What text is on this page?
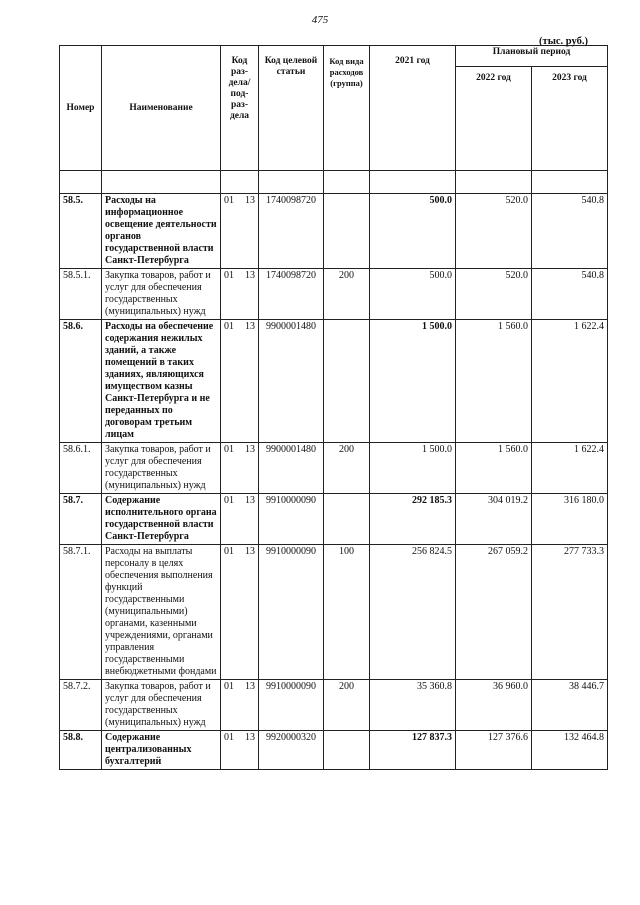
475
(тыс. руб.)
Номер	Наименование	Код раз- дела/ под- раз- дела	Код целевой статьи	Код вида расходов (группа)	2021 год	Плановый период	
						2022 год	2023 год

58.5.	Расходы на информационное освещение деятельности органов государственной власти Санкт-Петербурга	01 13	1740098720		500.0	520.0	540.8
58.5.1.	Закупка товаров, работ и услуг для обеспечения государственных (муниципальных) нужд	01 13	1740098720	200	500.0	520.0	540.8
58.6.	Расходы на обеспечение содержания нежилых зданий, а также помещений в таких зданиях, являющихся имуществом казны Санкт-Петербурга и не переданных по договорам третьим лицам	01 13	9900001480		1 500.0	1 560.0	1 622.4
58.6.1.	Закупка товаров, работ и услуг для обеспечения государственных (муниципальных) нужд	01 13	9900001480	200	1 500.0	1 560.0	1 622.4
58.7.	Содержание исполнительного органа государственной власти Санкт-Петербурга	01 13	9910000090		292 185.3	304 019.2	316 180.0
58.7.1.	Расходы на выплаты персоналу в целях обеспечения выполнения функций государственными (муниципальными) органами, казенными учреждениями, органами управления государственными внебюджетными фондами	01 13	9910000090	100	256 824.5	267 059.2	277 733.3
58.7.2.	Закупка товаров, работ и услуг для обеспечения государственных (муниципальных) нужд	01 13	9910000090	200	35 360.8	36 960.0	38 446.7
58.8.	Содержание централизованных бухгалтерий	01 13	9920000320		127 837.3	127 376.6	132 464.8
